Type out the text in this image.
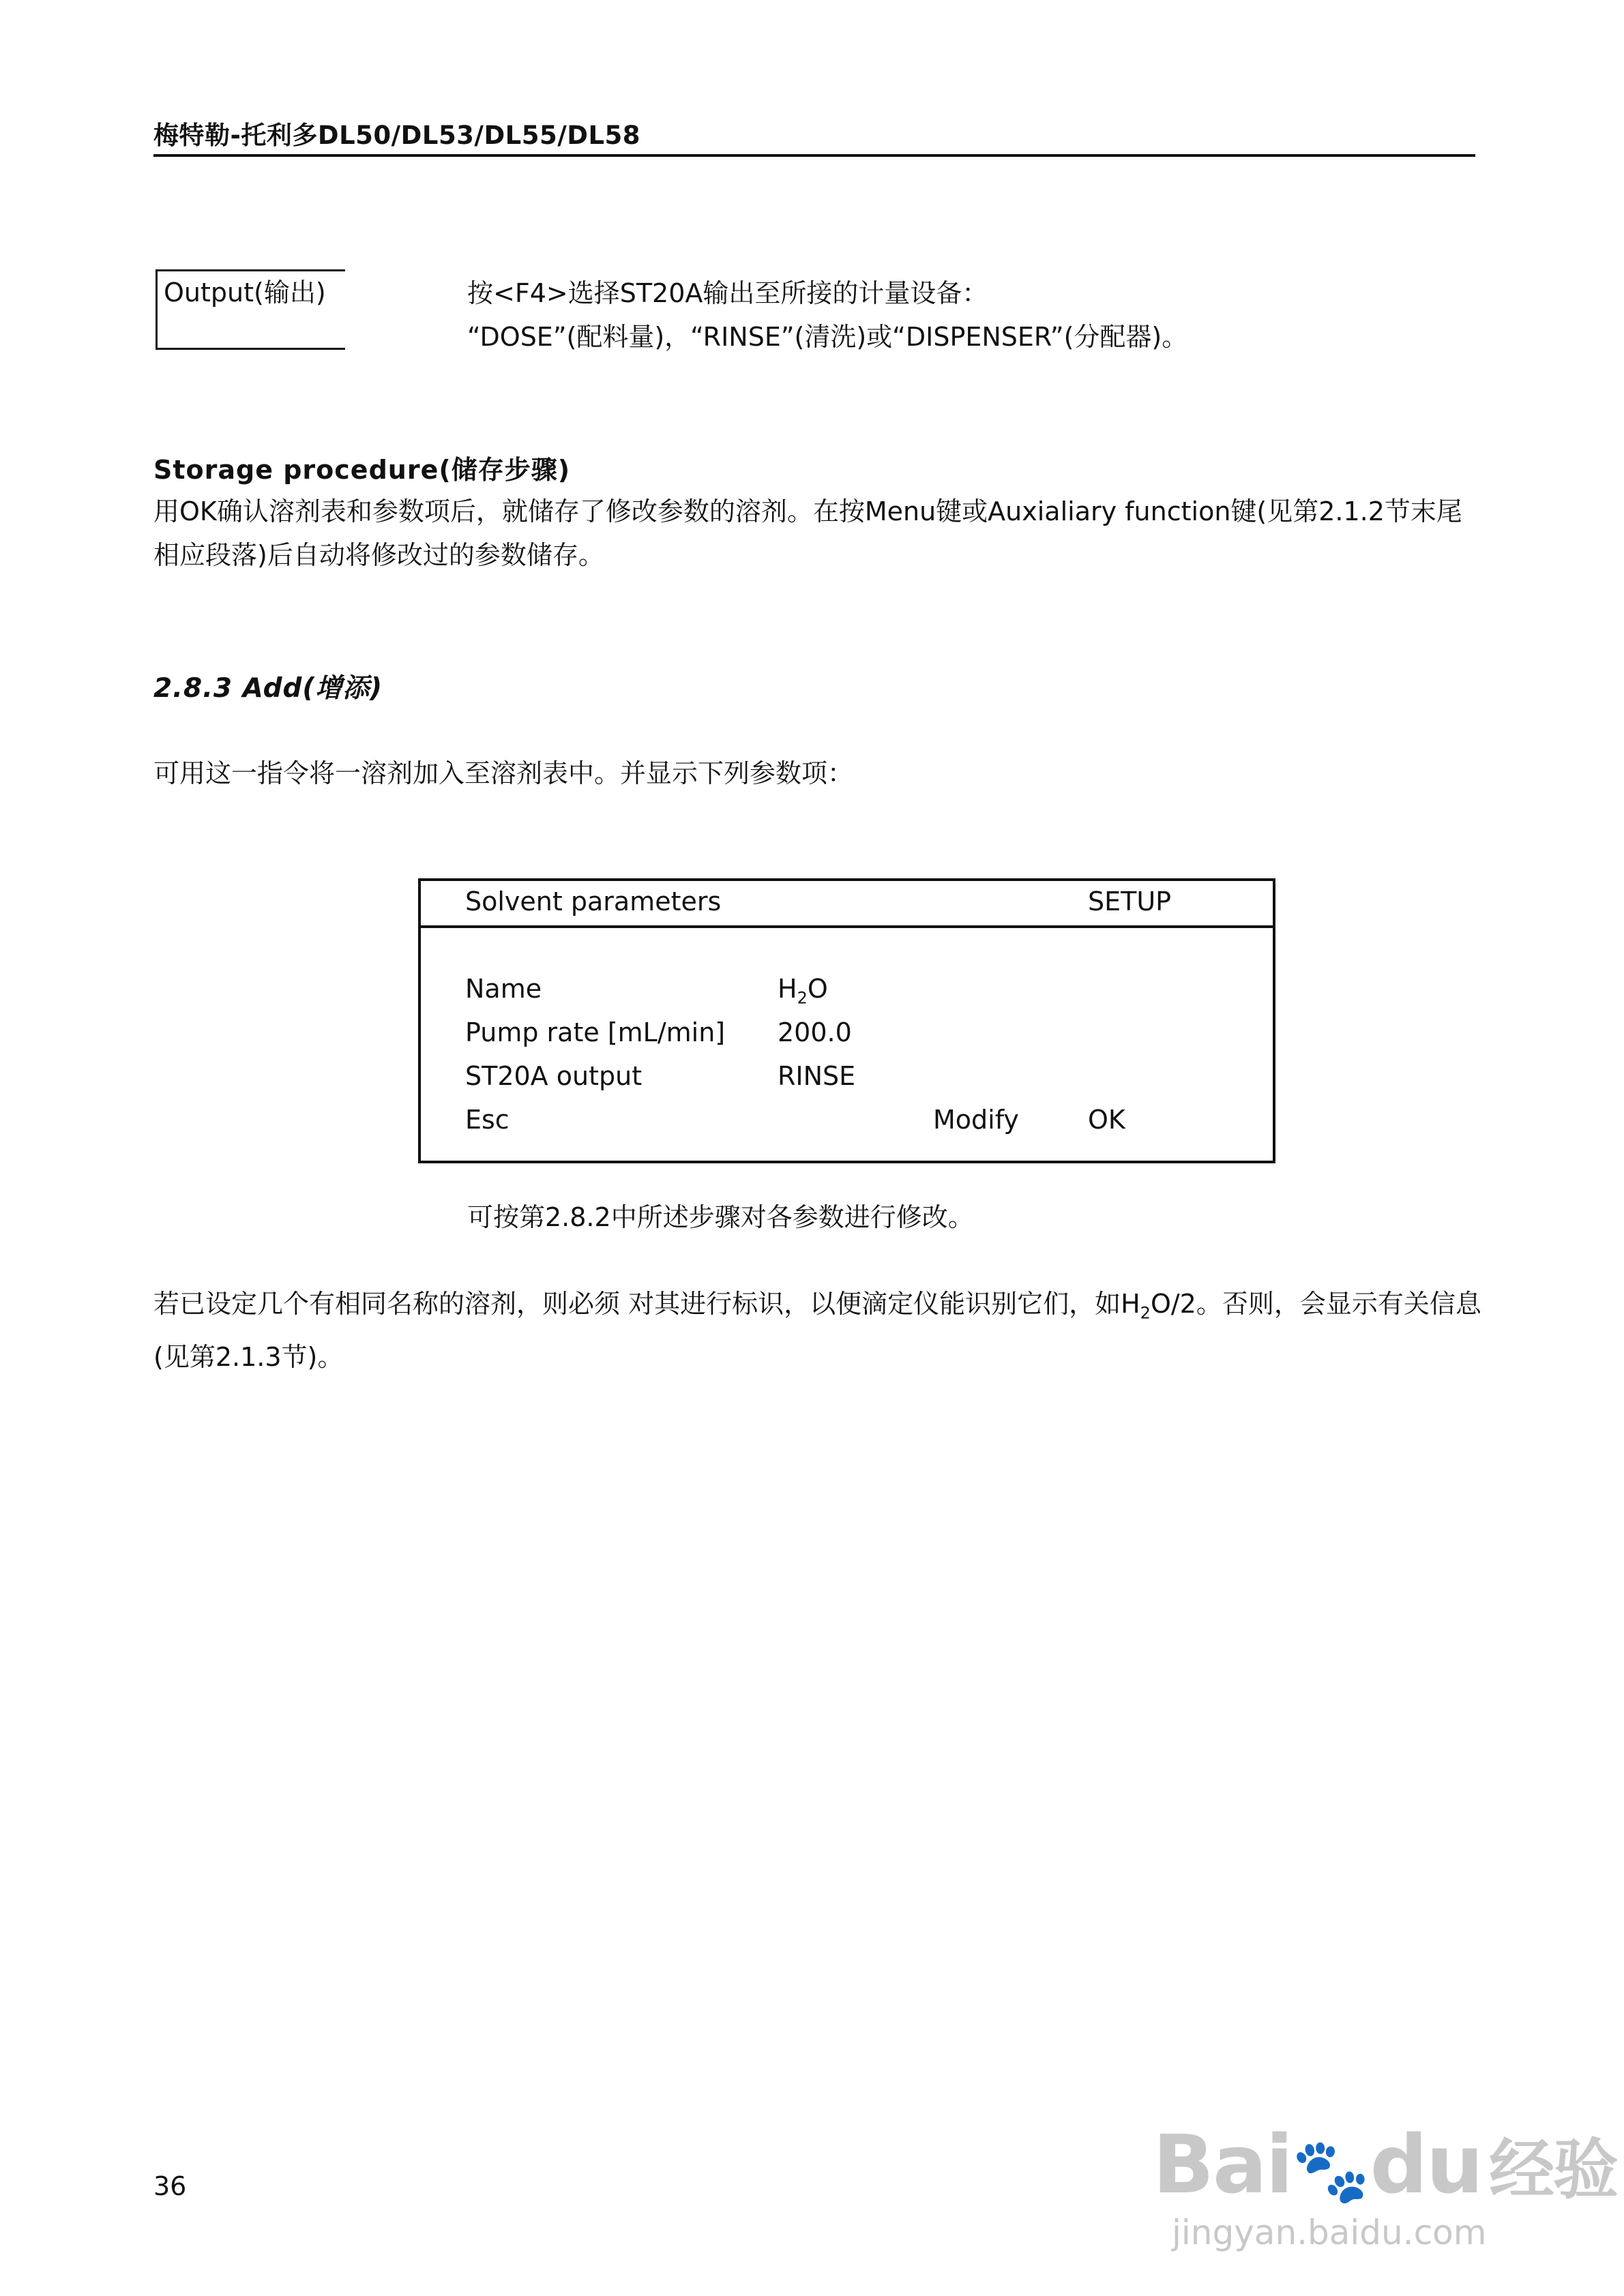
梅特勒-托利多DL50/DL53/DL55/DL58
Output(输出)	按<F4>选择ST20A输出至所接的计量设备：
“DOSE”(配料量)，“RINSE”(清洗)或“DISPENSER”(分配器)。
Storage procedure(储存步骤)
用OK确认溶剂表和参数项后，就储存了修改参数的溶剂。在按Menu键或Auxialiary function键(见第2.1.2节末尾相应段落)后自动将修改过的参数储存。
2.8.3 Add(增添)
可用这一指令将一溶剂加入至溶剂表中。并显示下列参数项：
Solvent parameters	SETUP
Name	$H_2O$
Pump rate [mL/min] 200.0
ST20A output	RINSE
Esc	Modify	OK
可按第2.8.2中所述步骤对各参数进行修改。
若已设定几个有相同名称的溶剂，则必须 对其进行标识，以便滴定仪能识别它们，如$H_2O/2$。否则，会显示有关信息(见第2.1.3节)。
36	Bai🐾du 经验
jingyan.baidu.com
